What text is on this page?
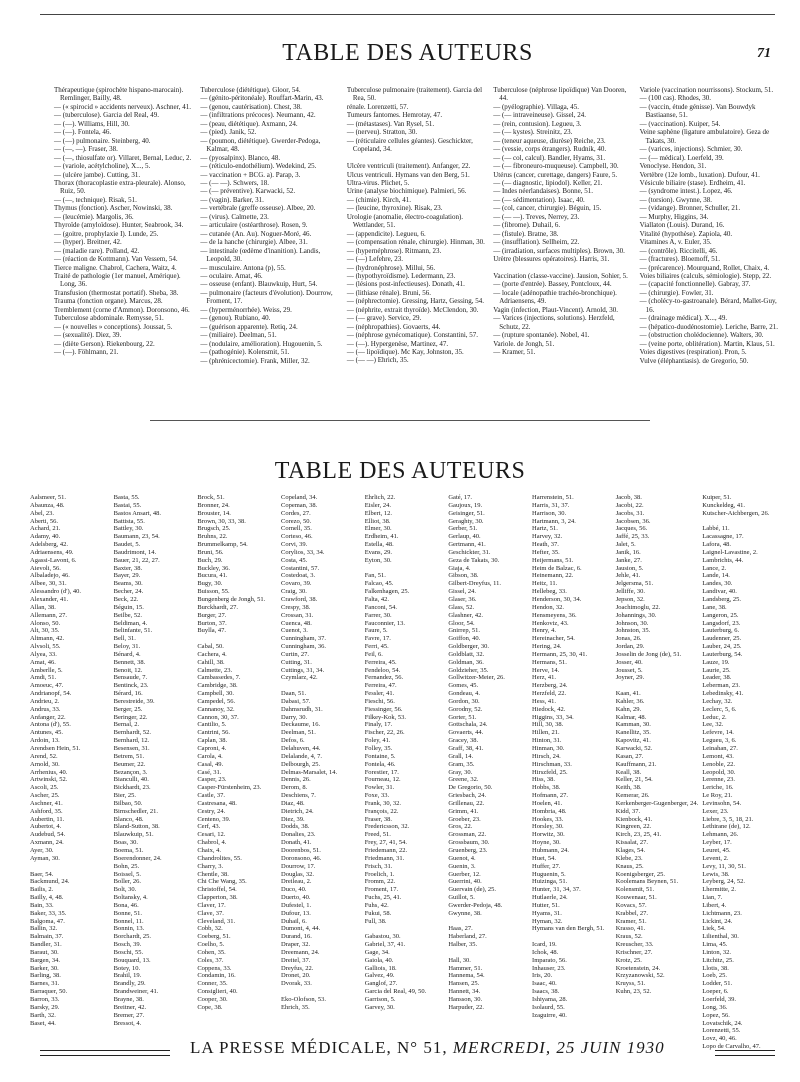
TABLE DES AUTEURS	71
Thérapeutique (spirochète hispano-marocain). Remlinger, Bailly, 48.
— (« spirocid » accidents nerveux). Aschner, 41.
— (tuberculose). Garcia del Real, 49.
— (—). Williams, Hill, 30.
— (—). Fontela, 46.
— (—) pulmonaire. Steinberg, 40.
— (—, —). Fraser, 38.
— (—, thiosulfate or). Villaret, Bernal, Leduc, 2.
— (variole, acétylcholine), X..., 5.
— (ulcère jambe). Cutting, 31.
Thorax (thoracoplastie extra-pleurale). Alonso, Ruiz, 50.
— (—, technique). Risak, 51.
Thymus (fonction). Ascher, Nowinski, 38.
— (leucémie). Margolis, 36.
Thyroïde (amyloïdose). Hunter, Seabrook, 34.
— (goitre, prophylaxie I). Lunde, 25.
— (hyper). Breitner, 42.
— (maladie rare). Polland, 42.
— (réaction de Kottmann). Van Vessem, 54.
Tierce maligne. Chabrol, Cachera, Waitz, 4.
Traité de pathologie (1er manuel, Amérique). Long, 36.
Transfusion (thermostat portatif). Sheba, 38.
Trauma (fonction organe). Marcus, 28.
Tremblement (corne d'Ammon). Doronsono, 46.
Tuberculose abdominale. Remysse, 51.
— (« nouvelles » conceptions). Joussat, 5.
— (sexualité). Diez, 39.
— (diète Gerson). Riekenbourg, 22.
— (—). Föhlmann, 21.
Tuberculose (diététique). Gloor, 54.
— (génito-péritonéale). Rouffart-Marin, 43.
— (genou, cautérisation). Chest, 38.
— (infiltrations précoces). Neumann, 42.
— (peau, diététique). Axmann, 24.
— (pied). Janik, 52.
— (poumon, diététique). Gwerder-Pedoga, Kalmar, 48.
— (pyosalpinx). Blanco, 48.
— (réticulo-endothélium). Wedekind, 25.
— vaccination + BCG. a). Parap, 3.
— (— —). Schwers, 18.
— (— préventive). Karwacki, 52.
— (vagin). Barker, 31.
— vertébrale (greffe osseuse). Albee, 20.
— (virus). Calmette, 23.
— articulaire (ostéarthrose). Rosen, 9.
— cutanée (An. Au). Noguer-Moré, 46.
— de la hanche (chirurgie). Albee, 31.
— intestinale (œdème d'inanition). Landis, Leopold, 30.
— musculaire. Antona (p), 55.
— oculaire. Amat, 46.
— osseuse (enfant). Blauwkuip, Hurt, 54.
— pulmonaire (facteurs d'évolution). Dourrow, Froment, 17.
— (hyperménorrhée). Weiss, 29.
— (genou). Rubiano, 40.
— (guérison apparente). Retiq, 24.
— (miliaire). Deelman, 51.
— (nodulaire, amélioration). Hugouenin, 5.
— (pathogénie). Kolensmit, 51.
— (phrénicectomie). Frank, Miller, 32.
Tuberculose pulmonaire (traitement). Garcia del Rea, 50.
rénale. Lorenzetti, 57.
Tumeurs fantomes. Hemrotay, 47.
— (métastases). Van Rysel, 51.
— (nerveu). Stratton, 30.
— (réticulaire cellules géantes). Geschickter, Copeland, 34.
Ulcère ventriculi (traitement). Anfanger, 22.
Ulcus ventriculi. Hymans van den Berg, 51.
Ultra-virus. Plichet, 5.
Urine (analyse biochimique). Palmieri, 56.
— (chimie). Kirch, 41.
— (leucine, thyroxine). Risak, 23.
Urologie (anomalie, électro-coagulation). Wettlander, 51.
— (appendicite). Legueu, 6.
— (compensation rénale, chirurgie). Hinman, 30.
— (hypernéphrose). Ritmann, 23.
— (—) Lefehre, 23.
— (hydronéphrose). Millui, 56.
— (hypothyroïdisme). Ledermann, 23.
— (lésions post-infectieuses). Donath, 41.
— (lithiase rénale). Bruni, 56.
— (néphrectomie). Gressing, Hartz, Gessing, 54.
— (néphrite, extrait thyroïde). McClendon, 30.
— (— grave). Service, 29.
— (néphropathies). Govaerts, 44.
— (néphrose gynécomatique). Constantini, 57.
— (—). Hypergenèse, Martinez, 47.
— (— lipoïdique). Mc Kay, Johnston, 35.
— (— —) Ehrich, 35.
Tuberculose (néphrose lipoïdique) Van Dooren, 44.
— (pyélographie). Villaga, 45.
— (— intraveineuse). Gissel, 24.
— (rein, contusion). Legueu, 3.
— (— kystes). Streinitz, 23.
— (teneur aqueuse, diurèse) Reiche, 23.
— (vessie, corps étrangers). Rudnik, 40.
— (— col, calcul). Bandler, Hyams, 31.
— (— fibroneuro-muqueuse). Campbell, 30.
Utérus (cancer, curettage, dangers) Faure, 5.
— (— diagnostic, lipiodol). Keller, 21.
— Indes néerlandaises). Bonne, 51.
— (— sédimentation). Isaac, 40.
— (col, cancer, chirurgie). Béguin, 15.
— (— —). Treves, Nerrey, 23.
— (fibrome). Duhail, 6.
— (fistule). Bratne, 38.
— (insufflation). Sellheim, 22.
— (irradiation, surfaces multiples). Brown, 30.
Urètre (blessures opératoires). Harris, 31.
Vaccination (classe-vaccine). Jausion, Sohier, 5.
— (porte d'entrée). Bassey, Pontcloux, 44.
— locale (adénopathie trachéo-bronchique). Adriaensens, 49.
Vagin (infection, Plaut-Vincent). Arnold, 30.
— Varices (injections, solutions). Herzfeld, Schutz, 22.
— (rupture spontanée). Nobel, 41.
Variole. de Jongh, 51.
— Kramer, 51.
Variole (vaccination nourrissons). Stockum, 51.
— (100 cas). Rhodes, 30.
— (vaccin, étude génisse). Van Bouwdyk Bastiaanse, 51.
— (vaccination). Kuiper, 54.
Veine saphène (ligature ambulatoire). Geza de Takats, 30.
— (varices, injections). Schmier, 30.
— (— médical). Loerfeld, 39.
Venoclyse. Hendon, 31.
Vertèbre (12e lomb., luxation). Dufour, 41.
Vésicule biliaire (stase). Erdheim, 41.
— (syndrome intest.). Lopez, 46.
— (torsion). Gwynne, 38.
— (vidange). Bronner, Schuller, 21.
— Murphy, Higgins, 34.
Viallaton (Louis). Durand, 16.
Vitalité (hypothèse). Zapiola, 40.
Vitamines A, v. Euler, 35.
— (contrôle). Riccitelli, 46.
— (fractures). Bloemoff, 51.
— (précarence). Mourquand, Rollet, Chaix, 4.
Voies biliaires (calculs, sémiologie). Stepp, 22.
— (capacité fonctionnelle). Gabray, 37.
— (chirurgie). Fowler, 31.
— (cholécy-to-gastroanale). Bérard, Mallet-Guy, 16.
— (drainage médical). X..., 49.
— (hépatico-duodénostomie). Leriche, Barre, 21.
— (obstruction cholédocienne). Walters, 30.
— (veine porte, oblitération). Martin, Klaus, 51.
Voies digestives (respiration). Pron, 5.
Vulve (éléphantiasis). de Gregorio, 50.
TABLE DES AUTEURS
Aalsmeer, 51.
Abaunza, 48.
Abel, 23.
Aberti, 56.
Achard, 21.
Adamy, 40.
Adelsberg, 42.
Adriaensens, 49.
Agassi-Lavont, 6.
Aievoli, 56.
Albaladejo, 46.
Albee, 30, 31.
Alessandro (d'), 40.
Alexander, 41.
Allan, 38.
Allemann, 27.
Alonso, 50.
Alt, 30, 35.
Altmann, 42.
Alvsoli, 55.
Alyea, 33.
Amat, 46.
Amberlle, 5.
Amdi, 51.
Amoeuc, 47.
Andrianopf, 54.
Andrieu, 2.
Andrus, 33.
Anfanger, 22.
Antona (d'), 55.
Antunes, 45.
Ardoin, 13.
Arendsen Hein, 51.
Arend, 52.
Arnold, 30.
Arrhenius, 40.
Artwinski, 52.
Ascoli, 25.
Ascher, 25.
Aschner, 41.
Ashford, 35.
Aubertin, 11.
Aubertot, 4.
Audebud, 54.
Axmann, 24.
Ayer, 30.
Ayman, 30.
Baer, 54.
Backmund, 24.
Bailis, 2.
Bailly, 4, 48.
Bain, 33.
Baker, 33, 35.
Balgoma, 47.
Ballin, 32.
Balmain, 37.
Bandler, 31.
Baraut, 30.
Bargen, 34.
Barker, 30.
Barling, 38.
Barnes, 31.
Barraquer, 50.
Barron, 33.
Barsky, 29.
Barth, 32.
Baset, 44.
Basta, 55.
Bastai, 55.
Bastos Ansart, 48.
Battista, 55.
Battley, 30.
Baumann, 23, 54.
Baudet, 5.
Baudrimont, 14.
Bauer, 21, 22, 27.
Baxter, 38.
Bayer, 29.
Beams, 30.
Becher, 24.
Beck, 22.
Béguin, 15.
Beilbe, 52.
Beldiman, 4.
Belinfante, 51.
Bell, 31.
Beloy, 31.
Bénard, 4.
Bennett, 38.
Benoit, 12.
Bensaude, 7.
Bentinck, 23.
Bérard, 16.
Berestreide, 39.
Berger, 25.
Beringer, 22.
Bernal, 2.
Bernhardt, 52.
Bernhard, 12.
Besensen, 31.
Betrem, 51.
Beumer, 22.
Bezançon, 3.
Bianculli, 40.
Bickhardt, 23.
Bier, 25.
Bilbao, 50.
Birnschedler, 21.
Blanco, 48.
Bland-Sutton, 38.
Blauwkuip, 51.
Boas, 30.
Boema, 51.
Boerendonner, 24.
Bohn, 25.
Boissel, 5.
Boller, 26.
Bolt, 30.
Boltansky, 4.
Bona, 46.
Bonne, 51.
Bonnel, 11.
Bonnin, 13.
Borchardt, 25.
Bosch, 39.
Boschi, 55.
Bouquard, 13.
Botey, 10.
Brahil, 19.
Brandly, 29.
Brandweiner, 41.
Brayne, 38.
Breitner, 42.
Bremer, 27.
Bressot, 4.
Brock, 51.
Bronner, 24.
Brouster, 14.
Brown, 30, 33, 38.
Brugsch, 25.
Bruhns, 22.
Brummelkamp, 54.
Bruni, 56.
Buch, 29.
Buckley, 36.
Bucura, 41.
Bugy, 30.
Buisson, 55.
Bungenberg de Jongh, 51.
Burckhardt, 27.
Burger, 27.
Burton, 37.
Buylla, 47.
Cabal, 50.
Cachera, 4.
Cahill, 38.
Calmette, 23.
Cambassedes, 7.
Cambridge, 38.
Campbell, 30.
Campedel, 56.
Cannanoy, 32.
Cannon, 30, 37.
Cantilio, 5.
Cantrini, 56.
Caplan, 38.
Caproni, 4.
Carola, 4.
Casal, 49.
Casé, 31.
Casper, 23.
Casper-Fürstenheim, 23.
Castle, 37.
Castresana, 48.
Cestry, 24.
Centeno, 39.
Cerf, 43.
Cesari, 12.
Chabrol, 4.
Chaix, 4.
Chandrolites, 55.
Charry, 3.
Chentle, 38.
Chi Che Wang, 35.
Christoffel, 54.
Clapperton, 38.
Claver, 17.
Clave, 37.
Cleveland, 31.
Cobb, 32.
Coeberg, 51.
Coelho, 5.
Cohen, 35.
Coles, 37.
Coppens, 33.
Condamin, 16.
Conner, 35.
Consiglieri, 40.
Cooper, 30.
Cope, 38.
Copeland, 34.
Copeman, 38.
Cordes, 27.
Corezo, 50.
Cornell, 35.
Corteso, 46.
Corvi, 39.
Corylios, 33, 34.
Costa, 45.
Costantini, 57.
Costedoat, 3.
Covaro, 39.
Craig, 30.
Crawford, 38.
Crespy, 38.
Crossan, 31.
Cuenca, 48.
Cuenot, 3.
Cunningham, 37.
Cunningham, 36.
Curtin, 27.
Cutting, 31.
Cuttings, 31, 34.
Czymlarz, 42.
Daan, 51.
Dabasi, 57.
Dahmsrudh, 31.
Darry, 30.
Deckaume, 16.
Deelman, 51.
Defos, 6.
Delahuven, 44.
Delalande, 4, 7.
Delbourgh, 25.
Delmas-Marsalet, 14.
Dennis, 26.
Derom, 8.
Deschiens, 7.
Diaz, 48.
Dietrich, 24.
Diez, 39.
Dodds, 38.
Donalies, 23.
Donath, 41.
Doorenbos, 51.
Doronsono, 46.
Dourrow, 17.
Douglas, 32.
Dreileau, 2.
Duco, 40.
Duerto, 40.
Dufestel, 1.
Dufour, 13.
Duhail, 6.
Dumont, 4, 44.
Durand, 16.
Draper, 32.
Dreemann, 24.
Dreitel, 37.
Dreyfus, 22.
Dronet, 20.
Dvorak, 33.
Eko-Olofson, 53.
Ehrich, 35.
Ehrlich, 22.
Eisler, 24.
Elbert, 12.
Elliot, 38.
Elmer, 30.
Erdheim, 41.
Estella, 48.
Evans, 29.
Eyton, 30.
Fan, 51.
Falcao, 45.
Falkenhagen, 25.
Falta, 42.
Fanconi, 54.
Farrer, 30.
Fauconnier, 13.
Faure, 5.
Favre, 17.
Ferri, 45.
Feil, 6.
Ferreira, 45.
Fendeloo, 54.
Fernandez, 56.
Ferreira, 47.
Fessler, 41.
Fieschi, 56.
Fiessinger, 56.
Filkey-Kok, 53.
Finaly, 17.
Fischer, 22, 26.
Foley, 41.
Folley, 35.
Fontaine, 5.
Fontela, 46.
Forestier, 17.
Fourneau, 12.
Fowler, 31.
Foxe, 33.
Frank, 30, 32.
François, 22.
Fraser, 38.
Fredericsson, 32.
Freed, 51.
Frey, 27, 41, 54.
Friedemann, 22.
Friedmann, 31.
Frisch, 31.
Froelich, 1.
Fromm, 22.
Froment, 17.
Fuchs, 25, 41.
Fuhs, 42.
Fukui, 58.
Full, 38.
Gabastou, 30.
Gabriel, 37, 41.
Gage, 34.
Gaiola, 40.
Galliois, 18.
Galvez, 49.
Ganglof, 27.
Garcia del Real, 49, 50.
Garrison, 5.
Garvey, 30.
Gaté, 17.
Gaujoux, 19.
Geisinger, 51.
Geraghty, 30.
Gerber, 51.
Gerlaup, 40.
Gertmann, 41.
Geschickter, 31.
Geza de Takats, 30.
Giaja, 4.
Gibson, 38.
Gilbert-Dreyfus, 11.
Gissel, 24.
Glaser, 36.
Glass, 52.
Glashner, 42.
Gloor, 54.
Gnirrep, 51.
Goiffon, 40.
Goldberger, 30.
Goldblatt, 32.
Goldman, 36.
Goldzieher, 35.
Gollwitzer-Meier, 26.
Gomes, 45.
Gondeau, 4.
Gordon, 30.
Gorodny, 52.
Gorter, 51.
Gottschala, 24.
Govaerts, 44.
Gracey, 38.
Graff, 38, 41.
Grall, 14.
Gram, 35.
Gray, 30.
Greene, 32.
De Gregorio, 50.
Griesbach, 24.
Grillenau, 22.
Grimm, 41.
Groeber, 23.
Gros, 22.
Grossman, 22.
Grossbaum, 30.
Gruenberg, 23.
Guenot, 4.
Guenin, 3.
Guerber, 12.
Guerrini, 40.
Guervain (de), 25.
Guillot, 5.
Gwerder-Pedoja, 48.
Gwynne, 38.
Haas, 27.
Haberland, 27.
Halber, 35.
Hall, 30.
Hammer, 51.
Hannema, 54.
Hansen, 25.
Hannett, 34.
Hansson, 30.
Harpuder, 22.
Harrenstein, 51.
Harris, 31, 37.
Harrison, 30.
Hartmann, 3, 24.
Hartz, 51.
Harvey, 32.
Heath, 37.
Hefter, 35.
Heijermans, 51.
Heim de Balzac, 6.
Heinemann, 22.
Heitz, 11.
Hellebeg, 33.
Henderson, 30, 34.
Hendon, 32.
Hensmeyens, 36.
Henkoviz, 43.
Henry, 4.
Hereinacher, 54.
Hering, 24.
Hermann, 25, 30, 41.
Hermans, 51.
Herve, 14.
Herz, 41.
Herzberg, 24.
Herzfeld, 22.
Hess, 41.
Hiedock, 42.
Higgins, 33, 34.
Hill, 30, 38.
Hillen, 21.
Hinton, 31.
Hinman, 30.
Hirsch, 24.
Hirschman, 33.
Hirszfeld, 25.
Hiss, 38.
Hobbs, 38.
Hofmann, 27.
Hoelen, 41.
Hombria, 48.
Hookes, 33.
Horsley, 30.
Horwitz, 30.
Hoyne, 30.
Hubmann, 24.
Huet, 54.
Huffer, 27.
Huguenin, 5.
Huizinga, 51.
Hunter, 31, 34, 37.
Hutlaerle, 24.
Hutter, 51.
Hyams, 31.
Hyman, 32.
Hymans van den Bergh, 51.
Icard, 19.
Ichok, 48.
Imparato, 56.
Inhauser, 23.
Iris, 20.
Isaac, 40.
Isaacs, 38.
Ishiyama, 28.
Isolaurd, 55.
Izaguirre, 40.
Jacob, 38.
Jacobi, 22.
Jacobs, 31.
Jacobsen, 36.
Jacques, 56.
Jaffé, 25, 33.
Jalet, 5.
Janik, 16.
Janke, 27.
Jausion, 5.
Jehle, 41.
Jelgersma, 51.
Jelliffe, 30.
Jepson, 32.
Joachimoglu, 22.
Johannings, 30.
Johnson, 30.
Johnston, 35.
Jonas, 26.
Jordan, 29.
Josselin de Jong (de), 51.
Josser, 40.
Jousset, 5.
Joyner, 29.
Kaan, 41.
Kahler, 36.
Kahn, 29.
Kalmar, 48.
Kamman, 30.
Kanellitz, 35.
Kapovitz, 41.
Karwacki, 52.
Kasan, 27.
Kauffmann, 21.
Keall, 38.
Keller, 21, 54.
Keith, 38.
Kemerar, 26.
Kerkenberger-Gugenberger, 24.
Kidd, 37.
Kienbock, 41.
Kingreen, 22.
Kirch, 23, 25, 41.
Kissalat, 27.
Klages, 54.
Klebe, 23.
Knaus, 25.
Koenigsberger, 25.
Koolemans Beynen, 51.
Kolensmit, 51.
Kouwenaar, 51.
Kovacs, 57.
Krabbel, 27.
Kramer, 51.
Krasso, 41.
Kraus, 52.
Kreuscher, 33.
Krischner, 27.
Krotz, 25.
Kroetenstein, 24.
Krzyzanowski, 52.
Kruyss, 51.
Kuhn, 23, 52.
Kuiper, 51.
Kunckeldeg, 41.
Kutscher-Aichbergen, 26.
Labbé, 11.
Lacassagne, 17.
Lafora, 48.
Laignel-Lavastine, 2.
Lambrichts, 44.
Lance, 2.
Lande, 14.
Landes, 30.
Landivar, 40.
Landsberg, 25.
Lane, 38.
Langeron, 25.
Langsdorf, 23.
Lauterburg, 6.
Laudenner, 25.
Lauber, 24, 25.
Lauterburg, 54.
Lauze, 19.
Laurie, 25.
Leader, 38.
Leberman, 23.
Lebedinsky, 41.
Lechay, 32.
Leclerc, 5, 6.
Leduc, 2.
Lee, 32.
Lefevre, 14.
Legueu, 3, 6.
Leinahan, 27.
Lemont, 43.
Lenoble, 22.
Leopold, 30.
Lerenne, 23.
Leriche, 16.
Le Roy, 21.
Levinsohn, 54.
Lexer, 23.
Liebre, 3, 5, 18, 21.
Lethirane (de), 12.
Lehmann, 26.
Leyber, 17.
Leuret, 45.
Levent, 2.
Levy, 11, 30, 51.
Lewis, 38.
Leyberg, 24, 52.
Lhermitte, 2.
Lian, 7.
Libert, 4.
Lichtmann, 23.
Lickint, 24.
Liek, 54.
Lilienthal, 30.
Lima, 45.
Linton, 32.
Litchitz, 25.
Llotis, 38.
Loeb, 25.
Lodder, 51.
Loeper, 6.
Loerfeld, 39.
Long, 36.
Lopez, 56.
Lovatschik, 24.
Lorenzetti, 55.
Lovz, 40, 46.
Lopo de Carvalho, 47.
LA PRESSE MÉDICALE, N° 51, MERCREDI, 25 JUIN 1930
